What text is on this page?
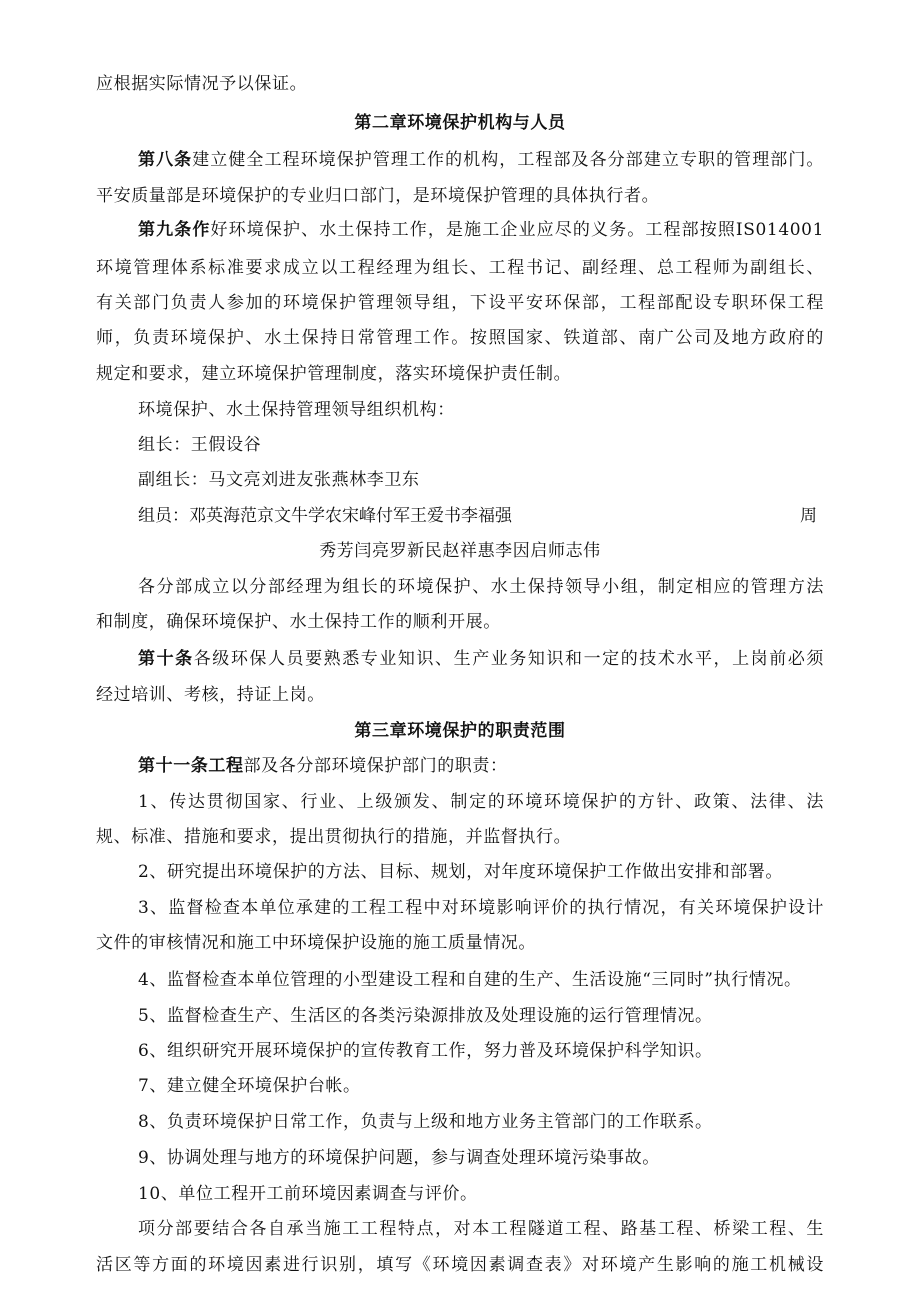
应根据实际情况予以保证。
第二章环境保护机构与人员
第八条建立健全工程环境保护管理工作的机构，工程部及各分部建立专职的管理部门。
平安质量部是环境保护的专业归口部门，是环境保护管理的具体执行者。
第九条作好环境保护、水土保持工作，是施工企业应尽的义务。工程部按照IS014001
环境管理体系标准要求成立以工程经理为组长、工程书记、副经理、总工程师为副组长、
有关部门负责人参加的环境保护管理领导组，下设平安环保部，工程部配设专职环保工程
师，负责环境保护、水土保持日常管理工作。按照国家、铁道部、南广公司及地方政府的
规定和要求，建立环境保护管理制度，落实环境保护责任制。
环境保护、水土保持管理领导组织机构：
组长：王假设谷
副组长：马文亮刘进友张燕林李卫东
组员：邓英海范京文牛学农宋峰付军王爱书李福强	周
秀芳闫亮罗新民赵祥惠李因启师志伟
各分部成立以分部经理为组长的环境保护、水土保持领导小组，制定相应的管理方法
和制度，确保环境保护、水土保持工作的顺利开展。
第十条各级环保人员要熟悉专业知识、生产业务知识和一定的技术水平，上岗前必须
经过培训、考核，持证上岗。
第三章环境保护的职责范围
第十一条工程部及各分部环境保护部门的职责：
1、传达贯彻国家、行业、上级颁发、制定的环境环境保护的方针、政策、法律、法
规、标准、措施和要求，提出贯彻执行的措施，并监督执行。
2、研究提出环境保护的方法、目标、规划，对年度环境保护工作做出安排和部署。
3、监督检查本单位承建的工程工程中对环境影响评价的执行情况，有关环境保护设计
文件的审核情况和施工中环境保护设施的施工质量情况。
4、监督检查本单位管理的小型建设工程和自建的生产、生活设施“三同时”执行情况。
5、监督检查生产、生活区的各类污染源排放及处理设施的运行管理情况。
6、组织研究开展环境保护的宣传教育工作，努力普及环境保护科学知识。
7、建立健全环境保护台帐。
8、负责环境保护日常工作，负责与上级和地方业务主管部门的工作联系。
9、协调处理与地方的环境保护问题，参与调查处理环境污染事故。
10、单位工程开工前环境因素调查与评价。
项分部要结合各自承当施工工程特点，对本工程隧道工程、路基工程、桥梁工程、生
活区等方面的环境因素进行识别，填写《环境因素调查表》对环境产生影响的施工机械设
